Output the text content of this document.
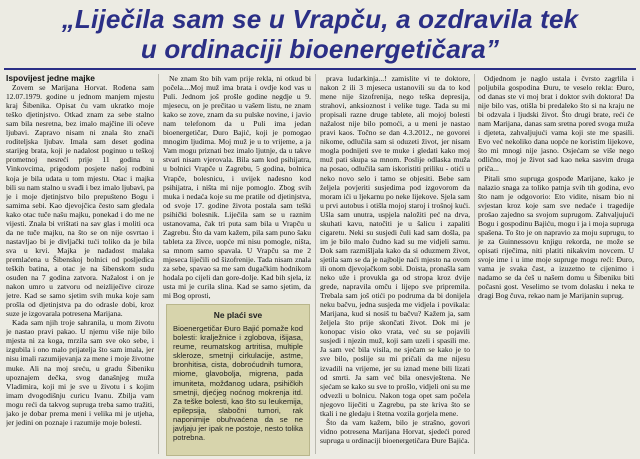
„Liječila sam se u Vrapču, a ozdravila tek
u ordinaciji bioenergetičara”

Ispovijest jedne majke

Zovem se Marijana Horvat. Rođena sam 12.07.1979. godine u jednom manjem mjestu kraj Šibenika. Opisat ću vam ukratko moje teško djetinjstvo. Otkad znam za sebe stalno sam bila nesretna, bez imalo majčine ili očeve ljubavi. Zapravo nisam ni znala što znači roditeljska ljubav. Imala sam deset godina starijeg brata, koji je nadalost poginuo u teškoj prometnoj nesreći prije 11 godina u Vinkovcima, prigodom posjete našoj rodbini koja je bila udata u tom mjestu. Otac i majka bili su nam stalno u svađi i bez imalo ljubavi, pa je i moje djetinjstvo bilo prepušteno Bogu i samima sebi. Kao djevojčica često sam gledala kako otac tuče našu majku, ponekad i do me ne vijesti. Znala bi vrištati na sav glas i moliti oca da ne tuče majku, na što se on nije osvrtao i nastavljao bi je divljački tući toliko da je bila sva u krvi. Majka je nađadost malaka premlaćena u Šibenskoj bolnici od posljedica teških batina, a otac je na šibenskom sudu osuđen na 7 godina zatvora. Nažalost i on je nakon umro u zatvoru od neizliječive ciroze jetre. Kad se samo sjetim svih muka koje sam prošla od djetinjstva pa do odrasle dobi, kroz suze je izgovarala potresena Marijana.

Kada sam njih troje sahranila, u mom životu je nastao pravi pakao. U njemu više nije bilo mjesta ni za koga, mrzila sam sve oko sebe, i izgubila i ono malo prijatelja što sam imala, jer nisu imali razumijevanja za mene i moje životne muke. Ali na moj sreću, u gradu Šibeniku upoznajem dečka, svog današnjeg muža Vladimira, koji mi je sve u životu i s kojim imam dvogodišnju curicu Ivanu. Zbilja vam mogu reći da takvog supruga treba samo tražiti, jako je dobar prema meni i velika mi je utjeha, jer jedini on poznaje i razumije moje bolesti.

Ne znam što bih vam prije rekla, ni otkud bi počela....Moj muž ima brata i ovdje kod vas u Puli. Jednom još prošle godine negdje u 9. mjesecu, on je prečitao u vašem listu, ne znam kako se zove, znam da su pulske novine, i javio nam telefonom da u Puli ima jedan bioenergetičar, Duro Bajić, koji je pomogao mnogim ljudima. Moj muž je u to vrijeme, a ja Vam mogu priznati bez imalo ljutnje, da u takve stvari nisam vjerovala. Bila sam kod psihijatra, u bolnici Vrapče u Zagrebu, 5 godina, bolnica Vrapče, bolesnicu, i uvijek nađesno kod psihijatra, i ništa mi nije pomoglo. Zbog svih muka i nedaća koje su me pratile od djetinjstva, od svoje 17. godine života postala sam teški psihički bolesnik. Liječila sam se u raznim ustanovama, čak tri puta sam bila u Vrapču u Zagrebu. Što da vam kažem, pila sam puno šaku tableta za živce, uopće mi nisu pomogle, ništa, sa mnom samo spavala. U Vrapču sa me 2 mjeseca liječili od šizofrenije. Tada nisam znala za sebe, spavao sa me sam dugačkim hodnikom hodala po cijeli dan gore-dolje. Kad bih sjela, iz usta mi je curila slina. Kad se samo sjetim, da mi Bog oprosti,

Ne plaći sve
Bioenergetičar Đuro Bajić pomaže kod bolesti: kralježnice i zglobova, išijasa, reume, reumatskog artritisa, multiple skleroze, smetnji cirkulacije, astme, bronhitisa, cista, dobroćudnih tumora, miome, glavobolja, migrena, pada imuniteta, možđanog udara, psihičkih smetnji, djećjeg noćnog mokrenja itd. Za teške bolesti, kao što su leukemija, epilepsija, slabočni tumori, rak naponimije obuhvaćena da se ne javljaju jer ipak ne postoje, nesto tolika potrebna.

prava ludarkinja...! zamislite vi te doktore, nakon 2 ili 3 mjeseca ustanovili su da to kod mene nije šizofrenija, nego teška depresija, strahovi, anksioznost i velike tuge. Tada su mi propisali razne druge tablete, ali mojoj bolesti nažalost nije bilo pomoći, a u meni je nastao pravi kaos. Točno se dan 4.3.2012., ne govorei nikome, odlučila sam si oduzeti život, jer nisam mogla podnijeti sve te muke i gledati kako moj muž pati skupa sa mnom. Poslije odlaska muža na posao, odlučila sam iskoristiti priliku - otići u neko novo selo i tamo se objesiti. Bebe sam željela povjeriti susjedima pod izgovorom da moram ići u ljekarnu po neke lijekove. Sjela sam u prvi autobus i otišla mojoj staroj i trošnoj kući. Ušla sam unutra, uspjela naložiti peć na drva, skuhati kavu, natočiti je u šalicu i zapaliti cigaretu. Neki su susjedi čuli kad sam došla, pa im je bilo malo čudno kad su me vidjeli samu. Dok sam razmišljala kako da si oduzmem život, sjetila sam se da je najbolje naći mjesto na ovom ili onom djevojačkom sobi. Doista, pronašla sam neko uže i provukla ga od stropa kroz dvije grede, napravila omču i lijepo sve pripremila. Trebala sam još otići po podruma da bi donijela neku bačvu, jedna susjeda me vidjela i povikala: Marijana, kud si nosiš tu bačvu? Kažem ja, sam željela što prije skončati život. Dok mi je konopac visio oko vrata, već su se pojavili susjedi i njezin muž, koji sam uzeli i spasili me. Ja sam već bila visila, ne sjećam se kako je to sve bilo, poslije su mi pričali da me nijesu izvadili na vrijeme, jer su iznad mene bili lizati od smrti. Ja sam već bila onesvještena. Ne sjećam se kako su sve to prošlo, vidjeli oni su me odvezli u bolnicu. Nakon toga opet sam počela njegovo liječiti u Zagrebu, pa ste kriva što se tkali i ne gledaju i štetna vozila gorjela mene.

Što da vam kažem, bilo je strašno, govori vidno potresena Marijana Horvat, sjedeći pored supruga u ordinaciji bioenergetičara Đure Bajića.

Odjednom je naglo ustala i čvrsto zagrlila i poljubila gospodina Đuru, te veselo rekla: Đuro, od danas ste vi moj brat i doktor svih doktora! Da nije bilo vas, otišla bi predaleko što si na kraju ne bi odzvala i ljudski život. Što drugi brate, reći će nam Marijana, danas sam sretna pored svoga muža i djeteta, zahvaljujući vama koji ste me spasili. Evo već nekoliko dana uopće ne koristim lijekove, što mi mnogi nije jasno. Osjećam se više nego odlično, moj je život sad kao neka sasvim druga priča...

Pitali smo supruga gospođe Marijane, kako je nalazio snaga za toliko patnja svih tih godina, evo što nam je odgovorio: Eto vidite, nisam bio ni svjestan kroz koje sam sve nedaće i tragedije prošao zajedno sa svojom suprugom. Zahvaljujući Bogu i gospodinu Bajiću, mogu i ja i moja supruga spašena. To što je on napravio za moju suprugu, to je za Guinnessovu knjigu rekorda, ne može se opisati riječima, niti platiti nikakvim novcem. U svoje ime i u ime moje supruge mogu reći: Đuro, vama je svaka čast, a izuzetno te cijenimo i nadamo se da ćeš u našem domu u Šibeniku biti počasni gost. Veselimo se tvom dolasku i neka te dragi Bog čuva, rekao nam je Marijanin suprug.
